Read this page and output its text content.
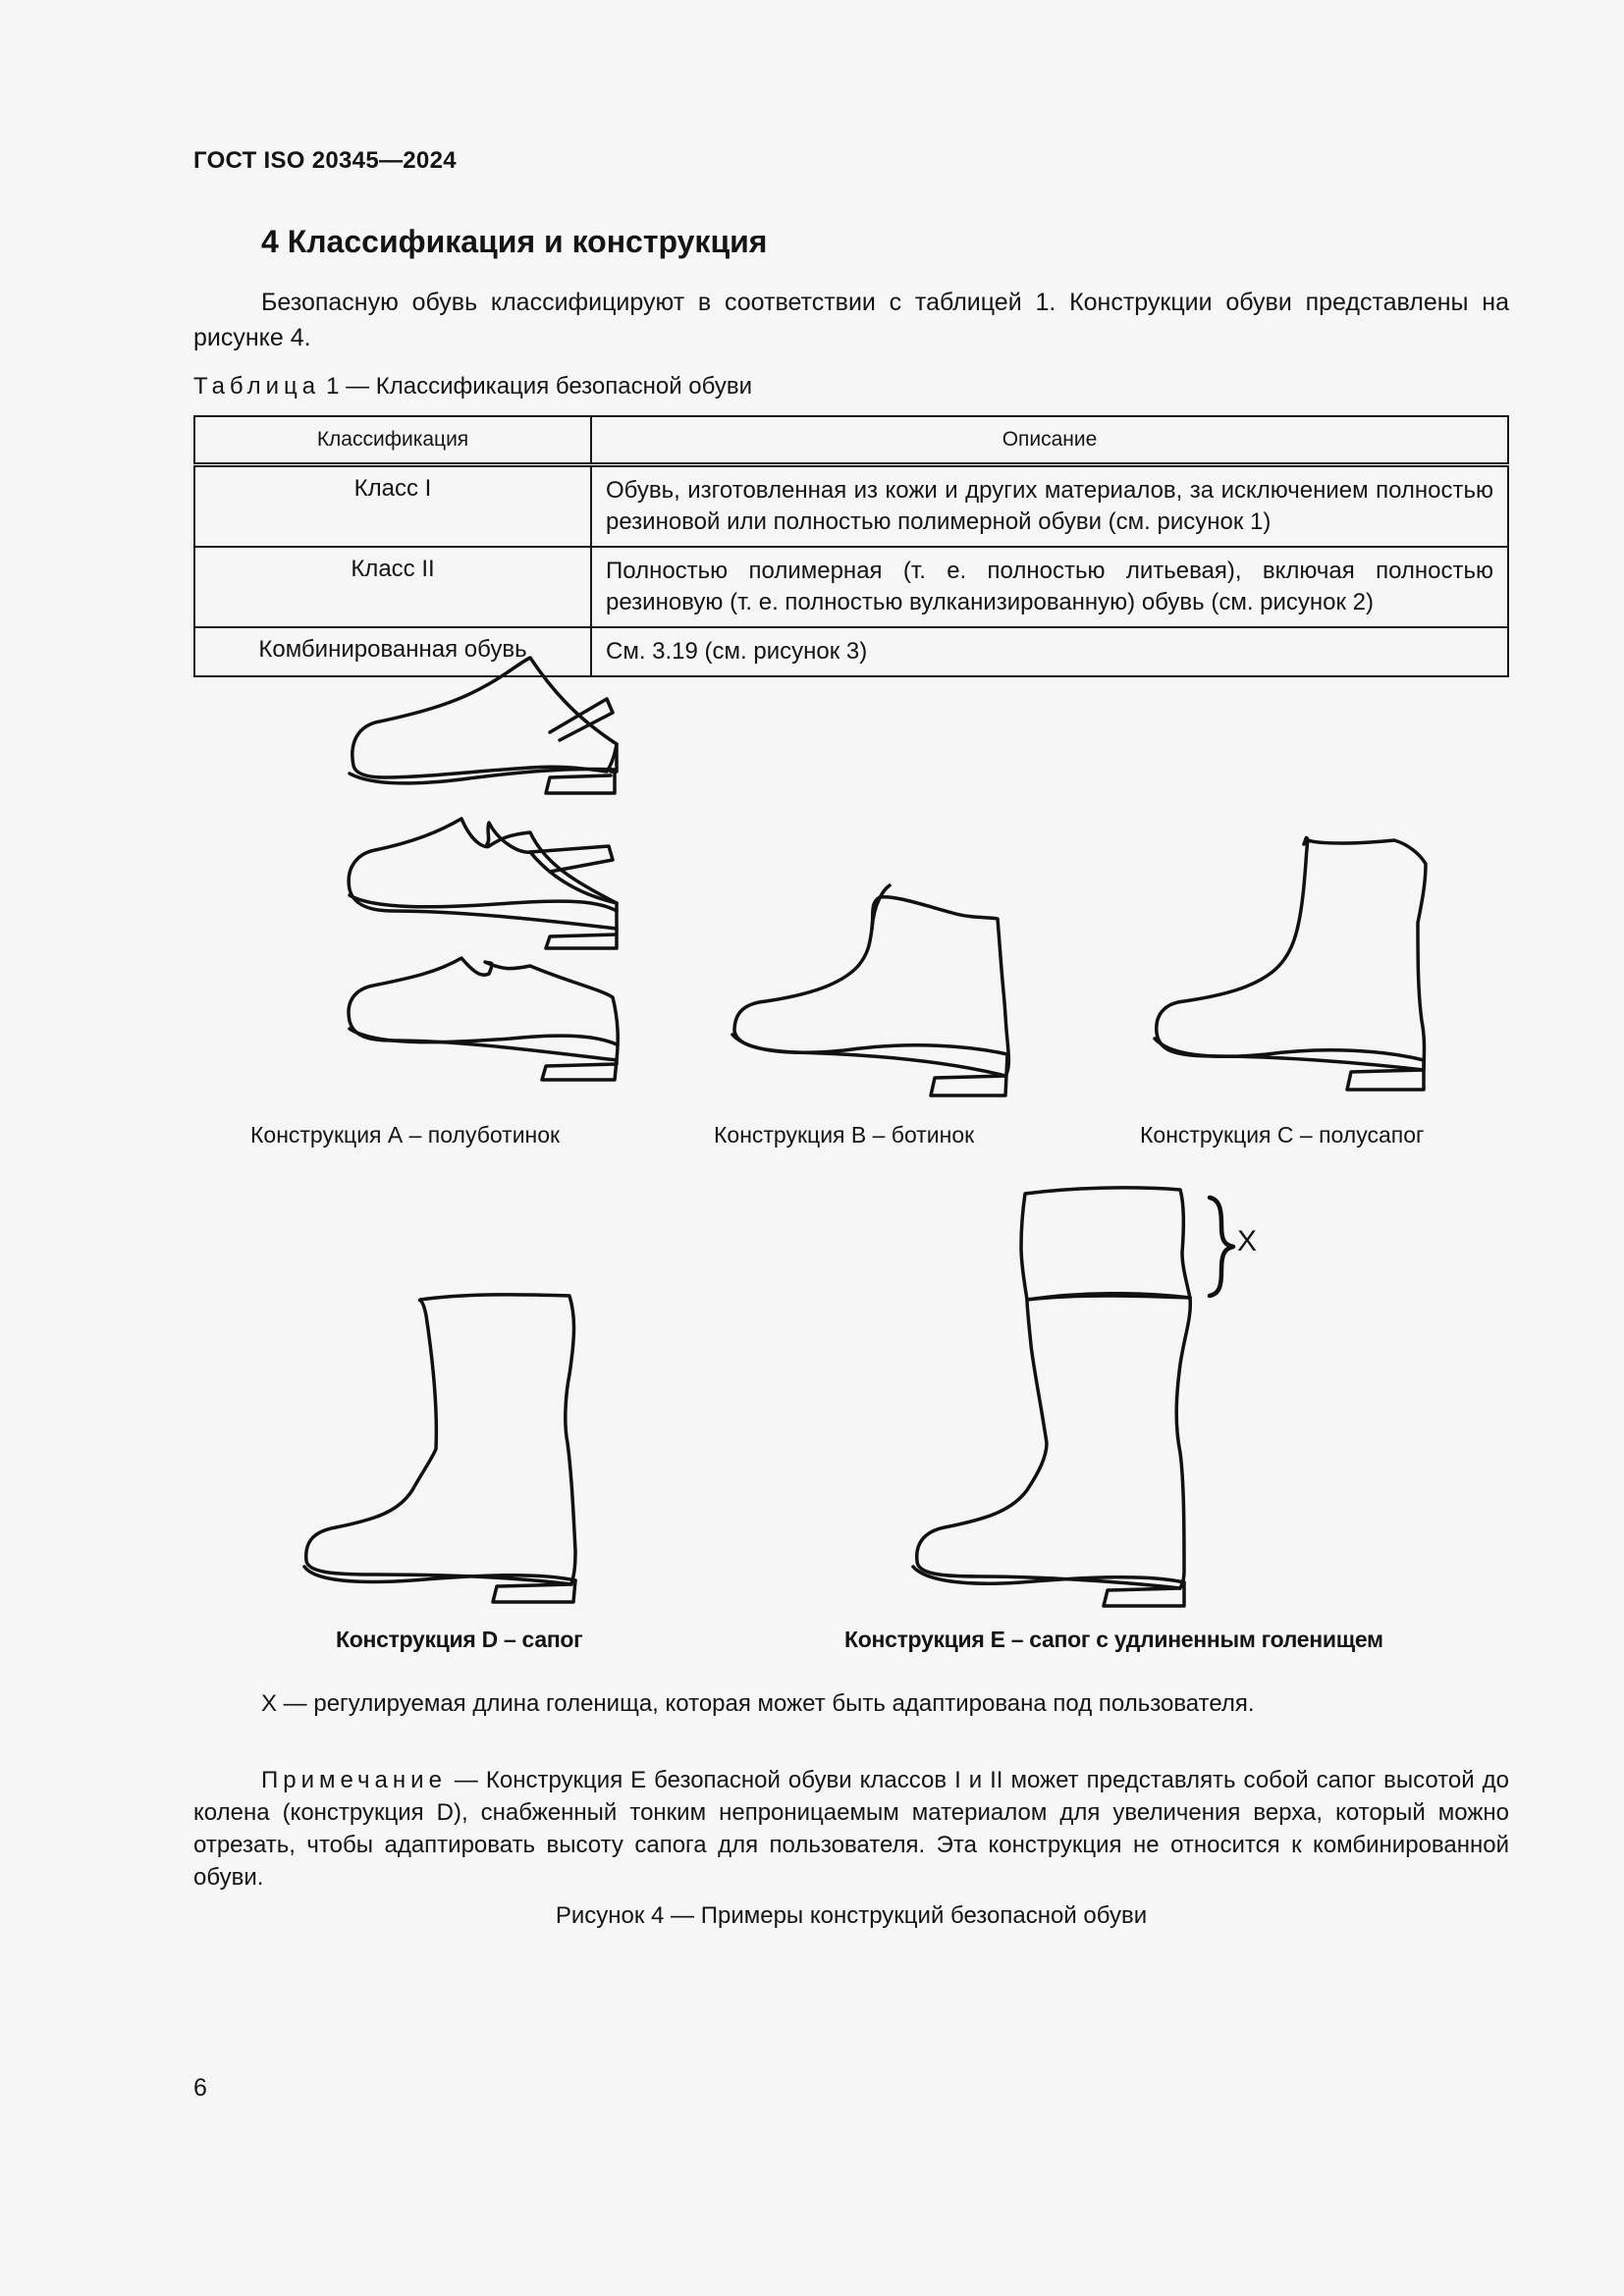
ГОСТ ISO 20345—2024
4 Классификация и конструкция
Безопасную обувь классифицируют в соответствии с таблицей 1. Конструкции обуви представлены на рисунке 4.
Таблица 1 — Классификация безопасной обуви
Классификация	Описание
Класс I	Обувь, изготовленная из кожи и других материалов, за исключением полностью резиновой или полностью полимерной обуви (см. рисунок 1)
Класс II	Полностью полимерная (т. е. полностью литьевая), включая полностью резиновую (т. е. полностью вулканизированную) обувь (см. рисунок 2)
Комбинированная обувь	См. 3.19 (см. рисунок 3)
Конструкция А – полуботинок	Конструкция В – ботинок	Конструкция С – полусапог
X
Конструкция D – сапог	Конструкция E – сапог с удлиненным голенищем
X — регулируемая длина голенища, которая может быть адаптирована под пользователя.
Примечание — Конструкция E безопасной обуви классов I и II может представлять собой сапог высотой до колена (конструкция D), снабженный тонким непроницаемым материалом для увеличения верха, который можно отрезать, чтобы адаптировать высоту сапога для пользователя. Эта конструкция не относится к комбинированной обуви.
Рисунок 4 — Примеры конструкций безопасной обуви
6
